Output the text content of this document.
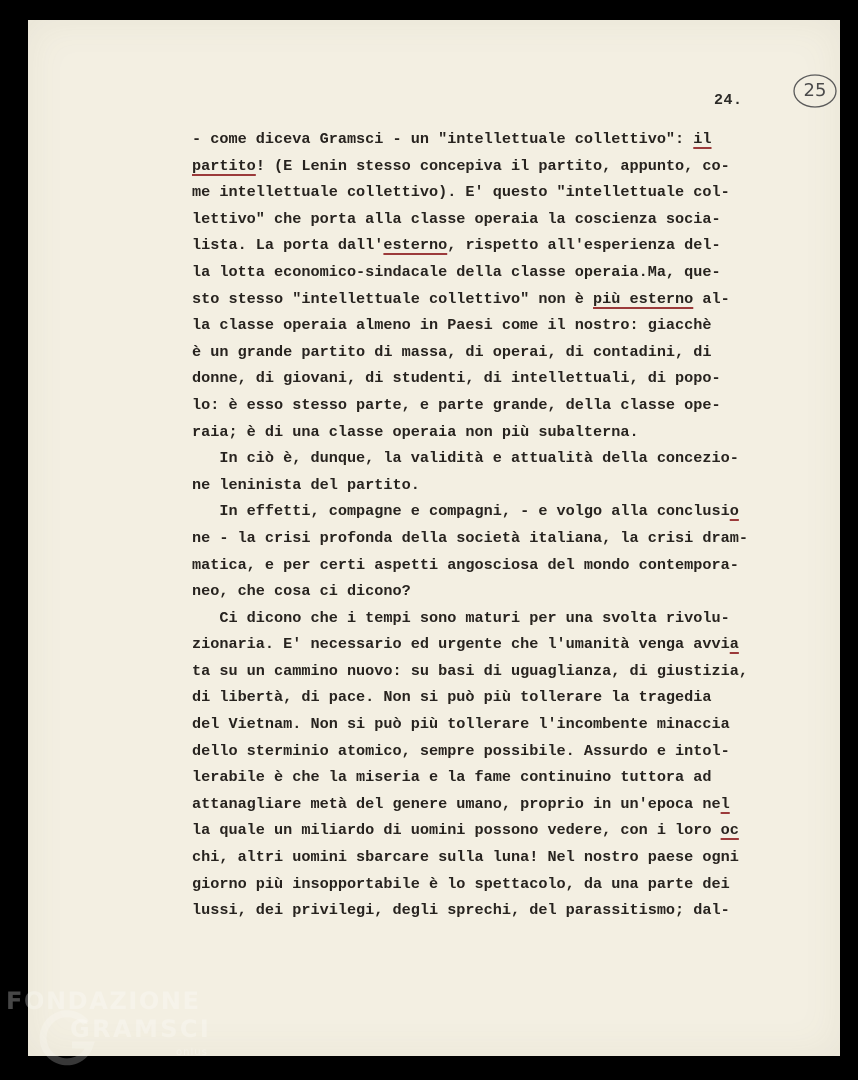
24.	25
- come diceva Gramsci - un "intellettuale collettivo": il
partito! (E Lenin stesso concepiva il partito, appunto, co-
me intellettuale collettivo). E' questo "intellettuale col-
lettivo" che porta alla classe operaia la coscienza socia-
lista. La porta dall'esterno, rispetto all'esperienza del-
la lotta economico-sindacale della classe operaia.Ma, que-
sto stesso "intellettuale collettivo" non è più esterno al-
la classe operaia almeno in Paesi come il nostro: giacchè
è un grande partito di massa, di operai, di contadini, di
donne, di giovani, di studenti, di intellettuali, di popo-
lo: è esso stesso parte, e parte grande, della classe ope-
raia; è di una classe operaia non più subalterna.
In ciò è, dunque, la validità e attualità della concezio-
ne leninista del partito.
In effetti, compagne e compagni, - e volgo alla conclusio
ne - la crisi profonda della società italiana, la crisi dram-
matica, e per certi aspetti angosciosa del mondo contempora-
neo, che cosa ci dicono?
Ci dicono che i tempi sono maturi per una svolta rivolu-
zionaria. E' necessario ed urgente che l'umanità venga avvia
ta su un cammino nuovo: su basi di uguaglianza, di giustizia,
di libertà, di pace. Non si può più tollerare la tragedia
del Vietnam. Non si può più tollerare l'incombente minaccia
dello sterminio atomico, sempre possibile. Assurdo e intol-
lerabile è che la miseria e la fame continuino tuttora ad
attanagliare metà del genere umano, proprio in un'epoca nel
la quale un miliardo di uomini possono vedere, con i loro oc
chi, altri uomini sbarcare sulla luna! Nel nostro paese ogni
giorno più insopportabile è lo spettacolo, da una parte dei
lussi, dei privilegi, degli sprechi, del parassitismo; dal-
FONDAZIONE
GRAMSCI
onlus
